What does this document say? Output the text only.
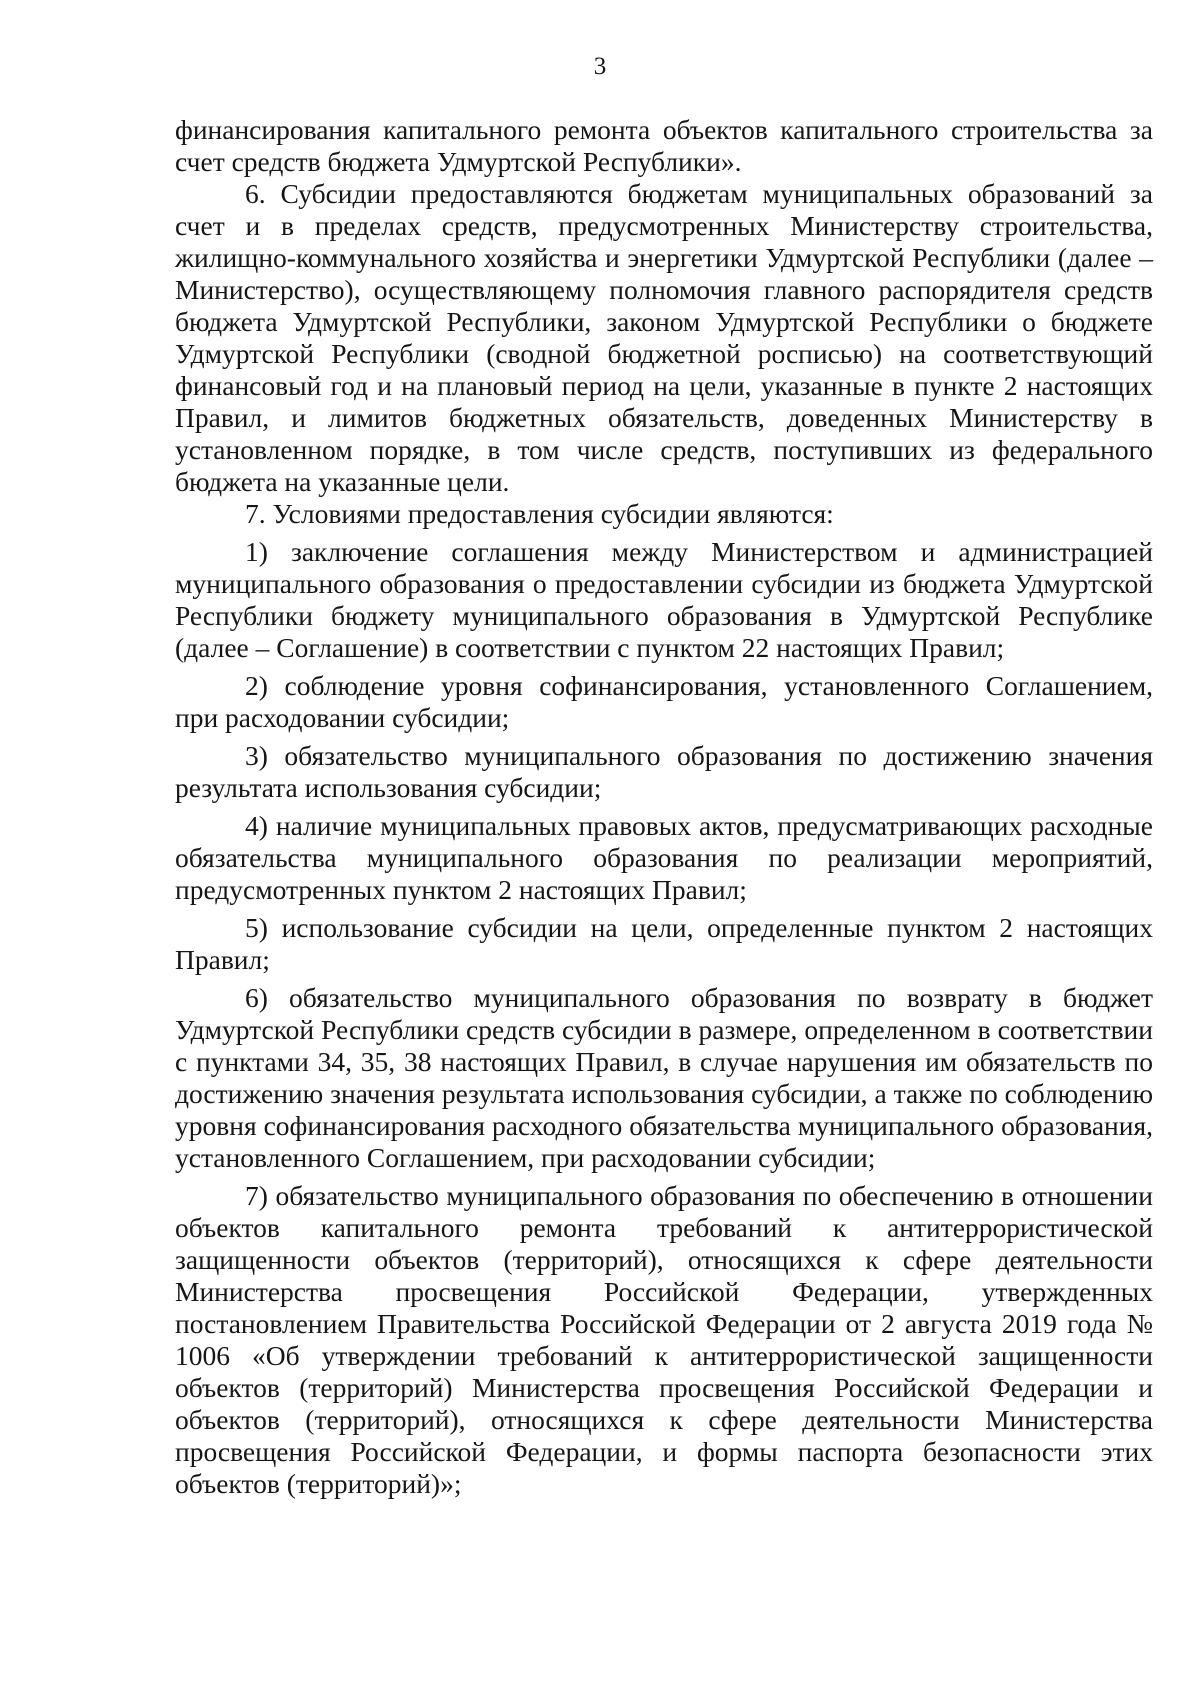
3

финансирования капитального ремонта объектов капитального строительства за счет средств бюджета Удмуртской Республики».

6. Субсидии предоставляются бюджетам муниципальных образований за счет и в пределах средств, предусмотренных Министерству строительства, жилищно-коммунального хозяйства и энергетики Удмуртской Республики (далее – Министерство), осуществляющему полномочия главного распорядителя средств бюджета Удмуртской Республики, законом Удмуртской Республики о бюджете Удмуртской Республики (сводной бюджетной росписью) на соответствующий финансовый год и на плановый период на цели, указанные в пункте 2 настоящих Правил, и лимитов бюджетных обязательств, доведенных Министерству в установленном порядке, в том числе средств, поступивших из федерального бюджета на указанные цели.

7. Условиями предоставления субсидии являются:

1) заключение соглашения между Министерством и администрацией муниципального образования о предоставлении субсидии из бюджета Удмуртской Республики бюджету муниципального образования в Удмуртской Республике (далее – Соглашение) в соответствии с пунктом 22 настоящих Правил;

2) соблюдение уровня софинансирования, установленного Соглашением, при расходовании субсидии;

3) обязательство муниципального образования по достижению значения результата использования субсидии;

4) наличие муниципальных правовых актов, предусматривающих расходные обязательства муниципального образования по реализации мероприятий, предусмотренных пунктом 2 настоящих Правил;

5) использование субсидии на цели, определенные пунктом 2 настоящих Правил;

6) обязательство муниципального образования по возврату в бюджет Удмуртской Республики средств субсидии в размере, определенном в соответствии с пунктами 34, 35, 38 настоящих Правил, в случае нарушения им обязательств по достижению значения результата использования субсидии, а также по соблюдению уровня софинансирования расходного обязательства муниципального образования, установленного Соглашением, при расходовании субсидии;

7) обязательство муниципального образования по обеспечению в отношении объектов капитального ремонта требований к антитеррористической защищенности объектов (территорий), относящихся к сфере деятельности Министерства просвещения Российской Федерации, утвержденных постановлением Правительства Российской Федерации от 2 августа 2019 года № 1006 «Об утверждении требований к антитеррористической защищенности объектов (территорий) Министерства просвещения Российской Федерации и объектов (территорий), относящихся к сфере деятельности Министерства просвещения Российской Федерации, и формы паспорта безопасности этих объектов (территорий)»;
